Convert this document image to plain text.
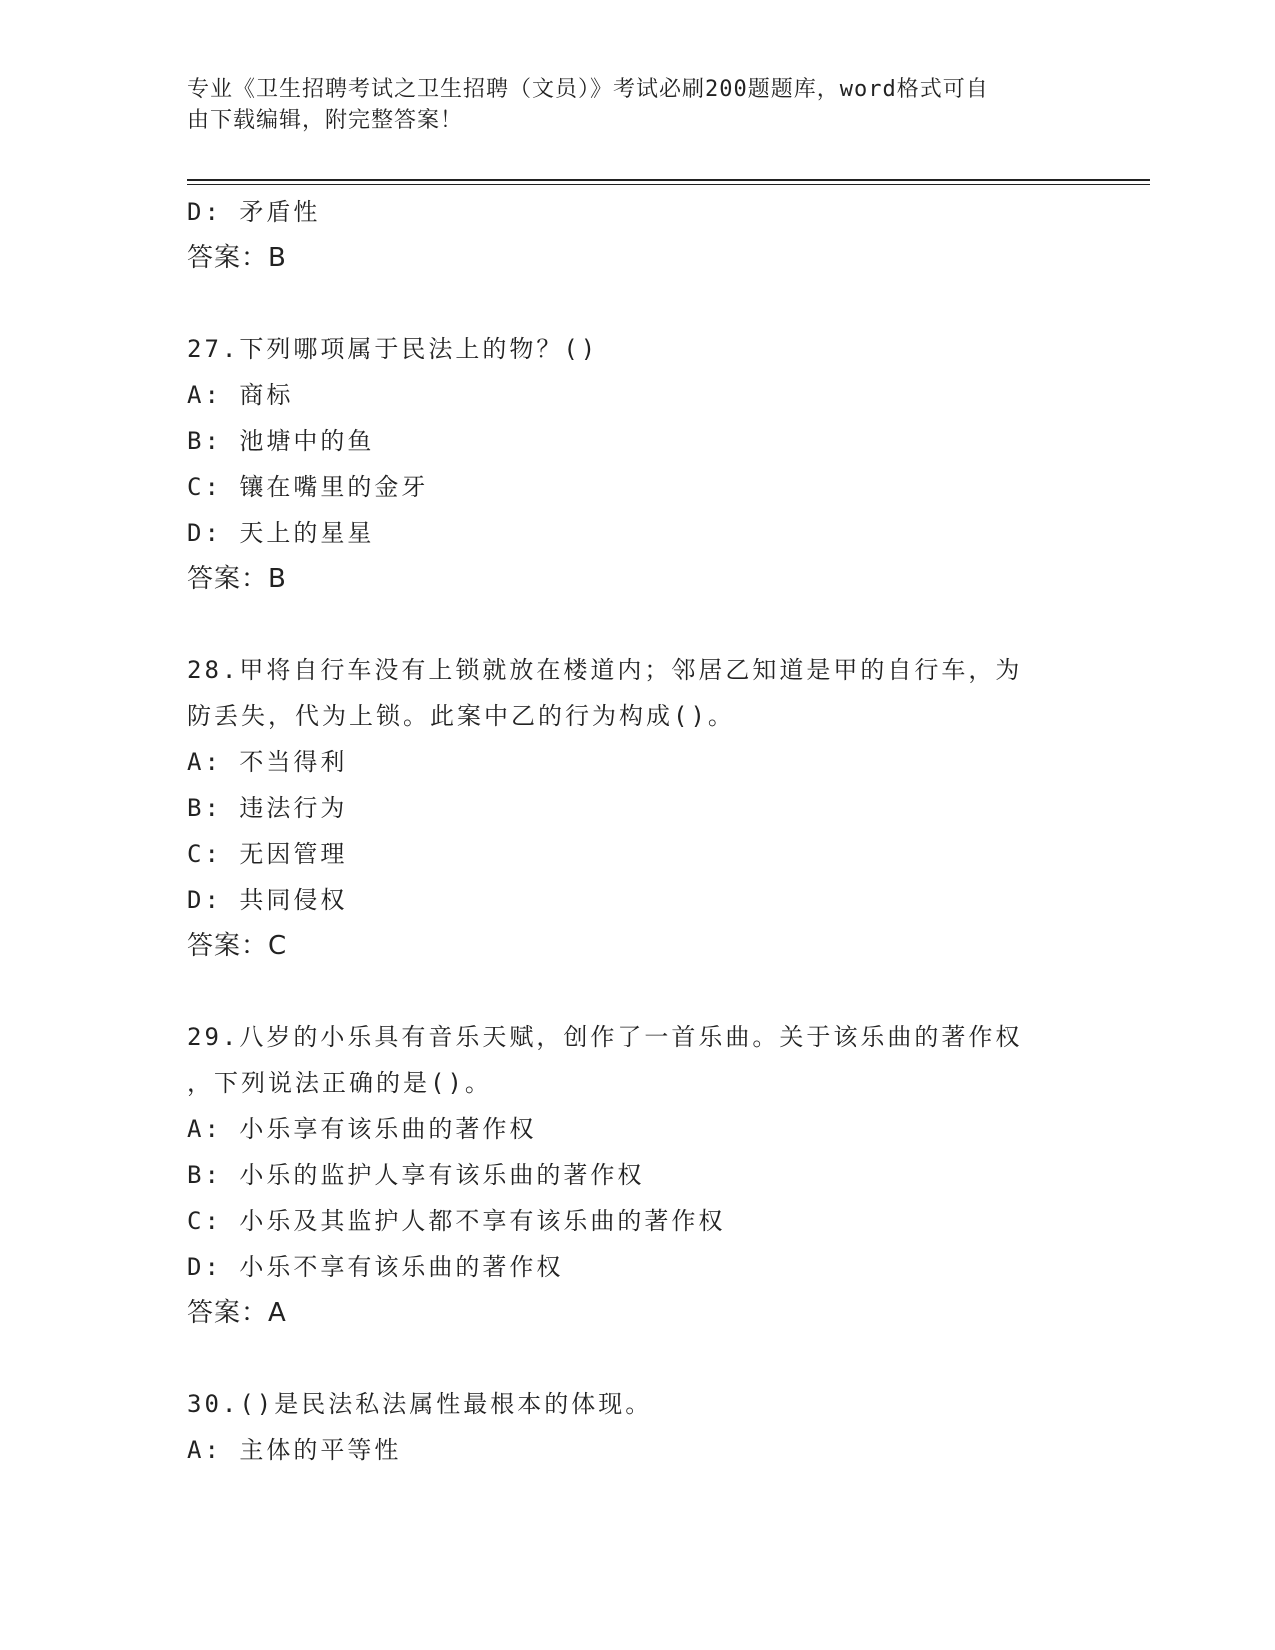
专业《卫生招聘考试之卫生招聘（文员）》考试必刷200题题库，word格式可自
由下载编辑，附完整答案！
D: 矛盾性
答案：B
27.下列哪项属于民法上的物？()
A: 商标
B: 池塘中的鱼
C: 镶在嘴里的金牙
D: 天上的星星
答案：B
28.甲将自行车没有上锁就放在楼道内；邻居乙知道是甲的自行车，为
防丢失，代为上锁。此案中乙的行为构成()。
A: 不当得利
B: 违法行为
C: 无因管理
D: 共同侵权
答案：C
29.八岁的小乐具有音乐天赋，创作了一首乐曲。关于该乐曲的著作权
，下列说法正确的是()。
A: 小乐享有该乐曲的著作权
B: 小乐的监护人享有该乐曲的著作权
C: 小乐及其监护人都不享有该乐曲的著作权
D: 小乐不享有该乐曲的著作权
答案：A
30.()是民法私法属性最根本的体现。
A: 主体的平等性
